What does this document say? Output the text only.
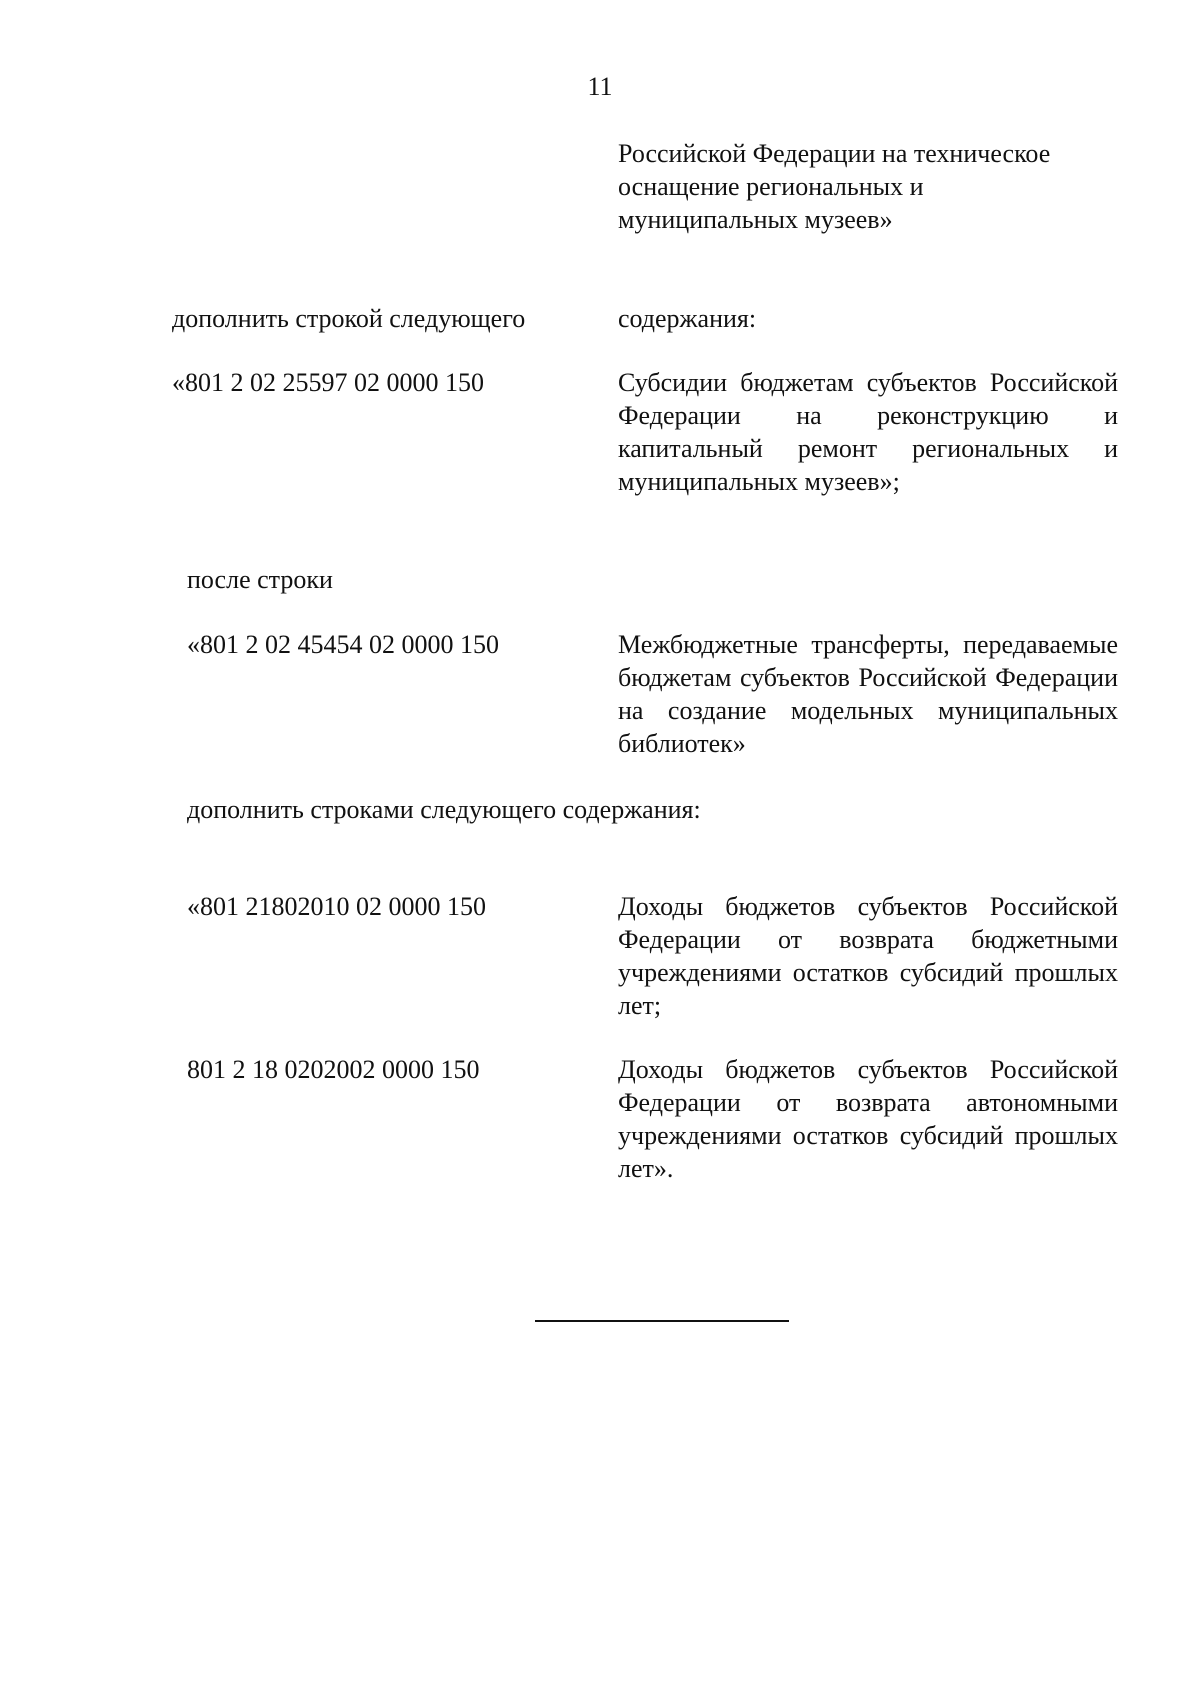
11
Российской Федерации на техническое
оснащение региональных и
муниципальных музеев»
дополнить строкой следующего	содержания:
«801 2 02 25597 02 0000 150	Субсидии бюджетам субъектов Российской Федерации на реконструкцию и капитальный ремонт региональных и муниципальных музеев»;
после строки
«801 2 02 45454 02 0000 150	Межбюджетные трансферты, передаваемые бюджетам субъектов Российской Федерации на создание модельных муниципальных библиотек»
дополнить строками следующего содержания:
«801 21802010 02 0000 150	Доходы бюджетов субъектов Российской Федерации от возврата бюджетными учреждениями остатков субсидий прошлых лет;
801 2 18 0202002 0000 150	Доходы бюджетов субъектов Российской Федерации от возврата автономными учреждениями остатков субсидий прошлых лет».
